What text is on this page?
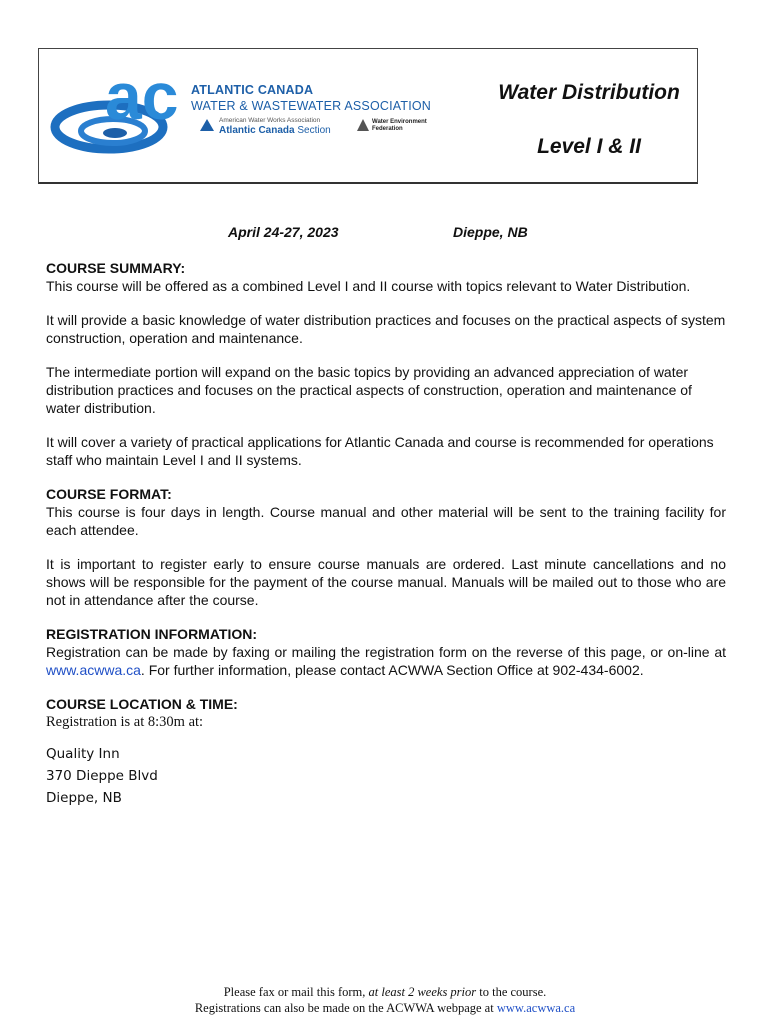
ac ATLANTIC CANADA
WATER & WASTEWATER ASSOCIATION
American Water Works Association
Atlantic Canada Section
Water Environment Federation
Water Distribution
Level I & II
April 24-27, 2023	Dieppe, NB
COURSE SUMMARY:

This course will be offered as a combined Level I and II course with topics relevant to Water Distribution.

It will provide a basic knowledge of water distribution practices and focuses on the practical aspects of system construction, operation and maintenance.

The intermediate portion will expand on the basic topics by providing an advanced appreciation of water distribution practices and focuses on the practical aspects of construction, operation and maintenance of water distribution.

It will cover a variety of practical applications for Atlantic Canada and course is recommended for operations staff who maintain Level I and II systems.

COURSE FORMAT:

This course is four days in length. Course manual and other material will be sent to the training facility for each attendee.

It is important to register early to ensure course manuals are ordered. Last minute cancellations and no shows will be responsible for the payment of the course manual. Manuals will be mailed out to those who are not in attendance after the course.

REGISTRATION INFORMATION:

Registration can be made by faxing or mailing the registration form on the reverse of this page, or on-line at www.acwwa.ca. For further information, please contact ACWWA Section Office at 902-434-6002.

COURSE LOCATION & TIME:
Registration is at 8:30m at:
Quality Inn
370 Dieppe Blvd
Dieppe, NB
Please fax or mail this form, at least 2 weeks prior to the course.
Registrations can also be made on the ACWWA webpage at www.acwwa.ca
